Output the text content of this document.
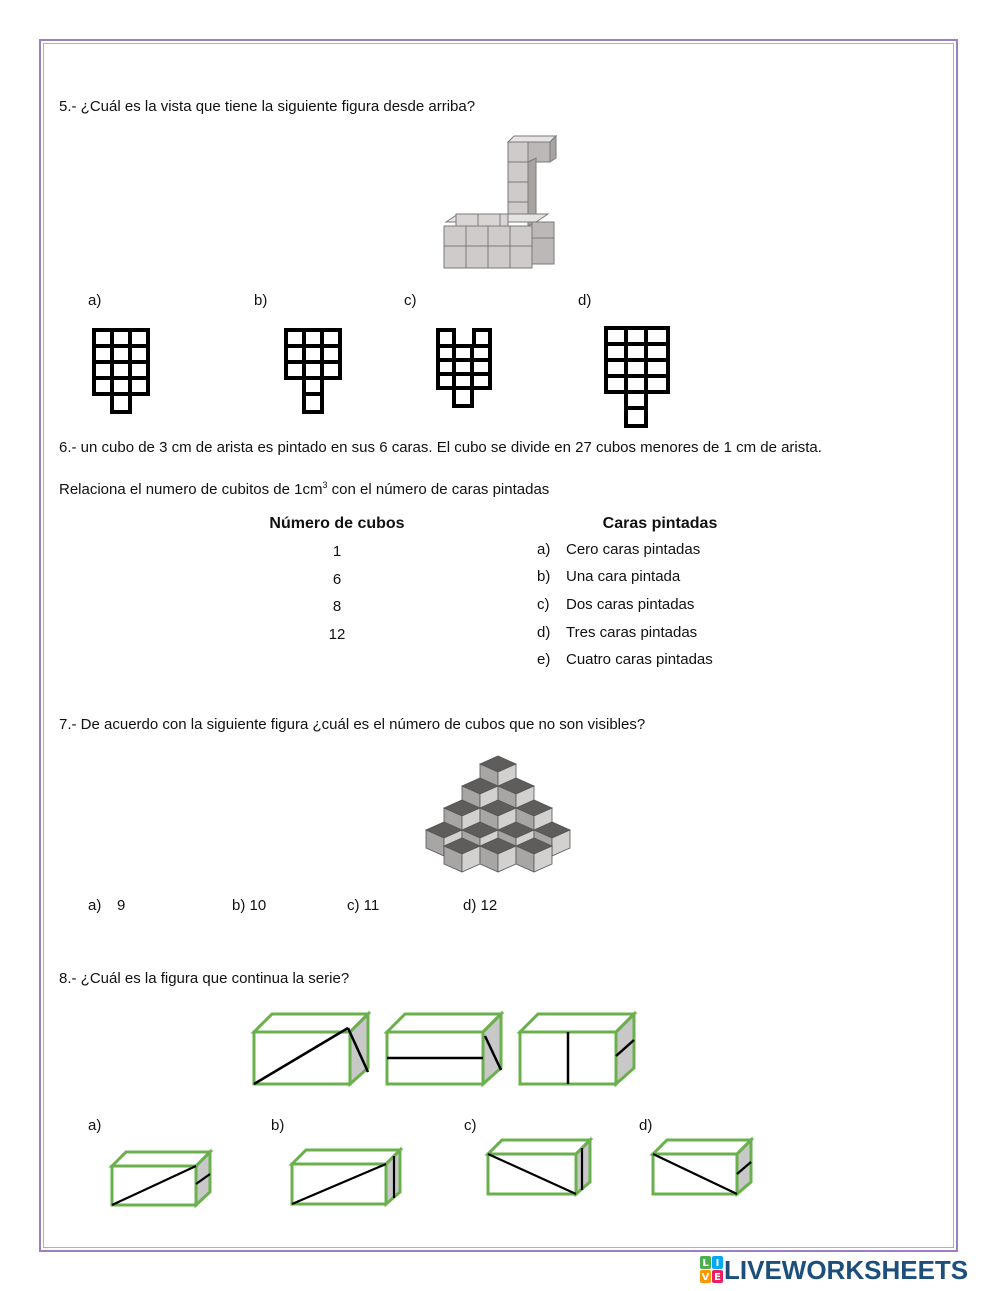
5.- ¿Cuál es la vista que tiene la siguiente figura desde arriba?
a)	b)	c)	d)
6.- un cubo de 3 cm de arista es pintado en sus 6 caras. El cubo se divide en 27 cubos menores de 1 cm de arista.
Relaciona el numero de cubitos de $1cm^3$ con el número de caras pintadas
Número de cubos
1
6
8
12
Caras pintadas
a) Cero caras pintadas
b) Una cara pintada
c) Dos caras pintadas
d) Tres caras pintadas
e) Cuatro caras pintadas
7.- De acuerdo con la siguiente figura ¿cuál es el número de cubos que no son visibles?
a) 9	b) 10	c) 11	d) 12
8.- ¿Cuál es la figura que continua la serie?
a)	b)	c)	d)
L I
V E LIVEWORKSHEETS
